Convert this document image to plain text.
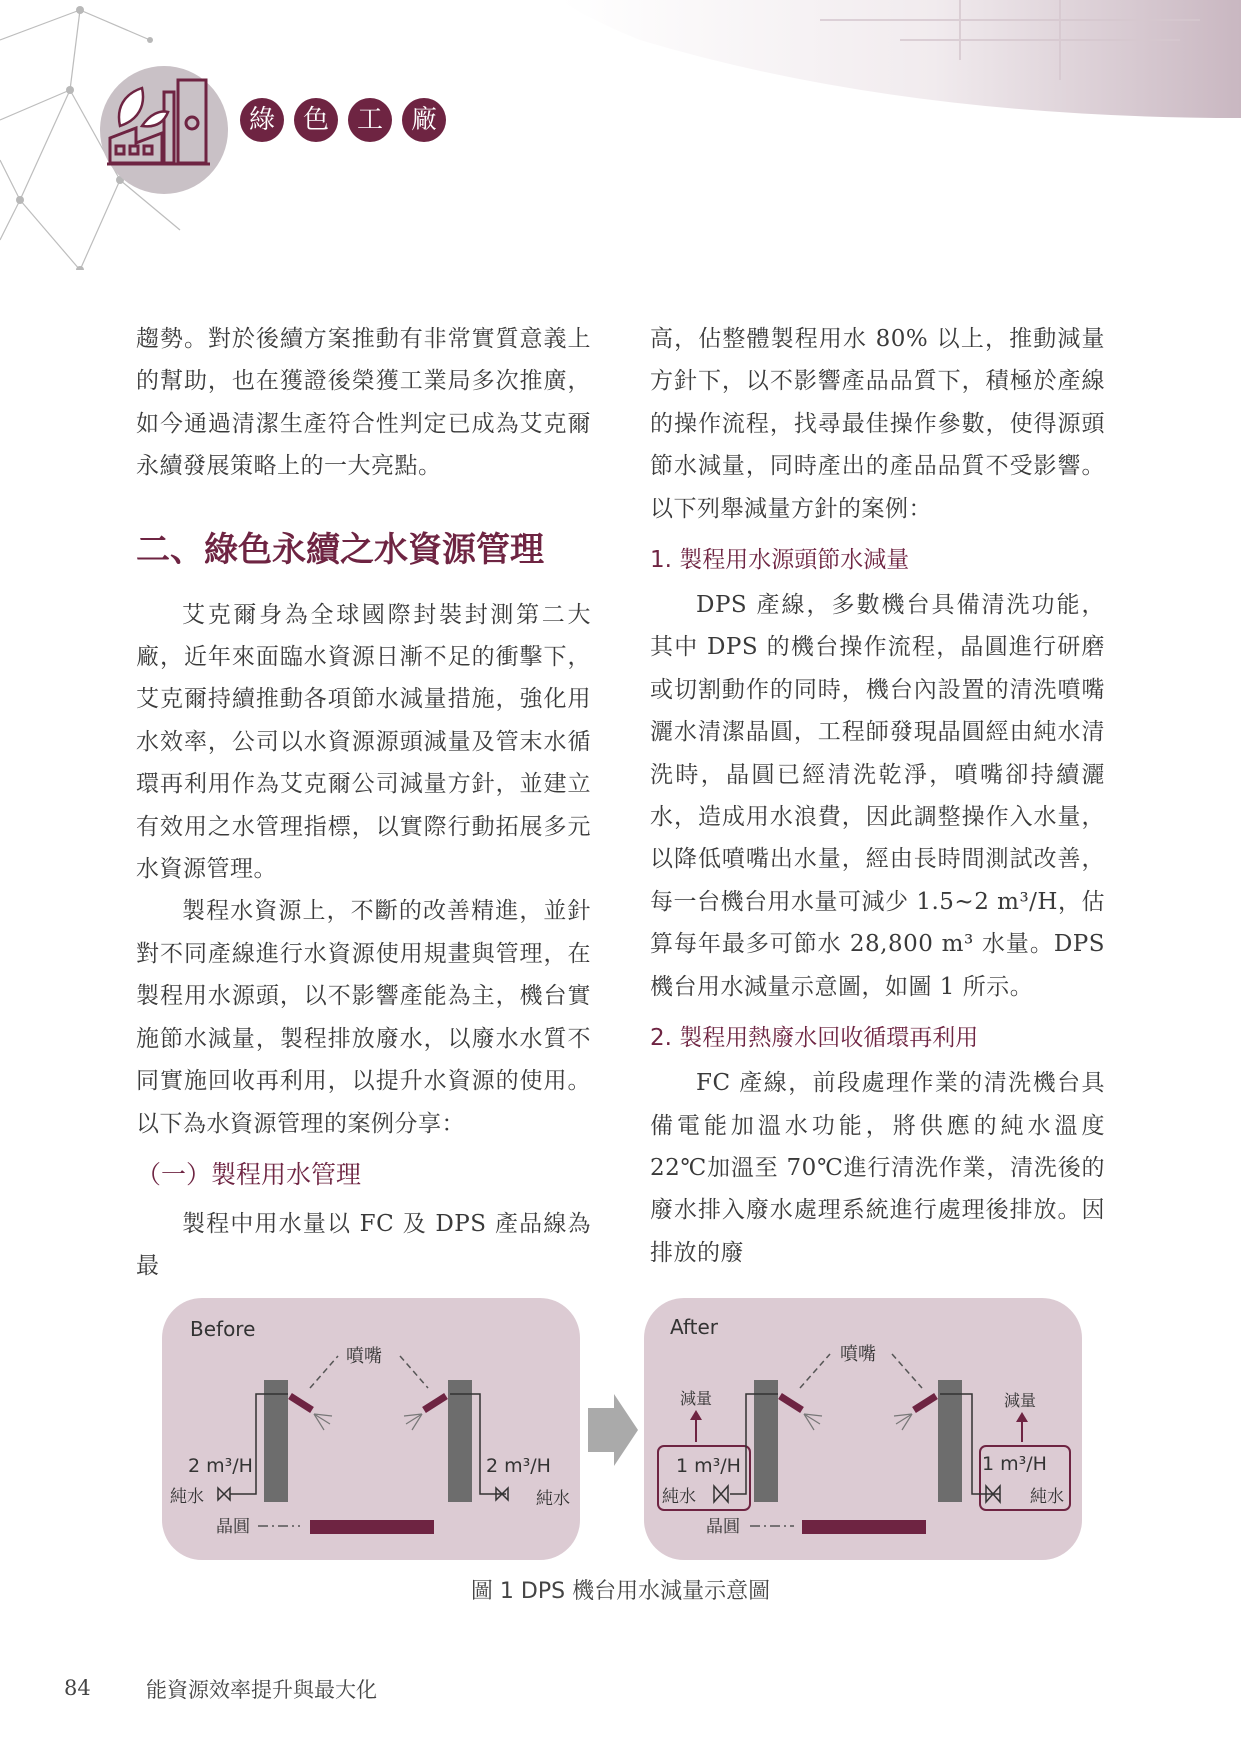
綠	色	工	廠

趨勢。對於後續方案推動有非常實質意義上的幫助，也在獲證後榮獲工業局多次推廣，如今通過清潔生產符合性判定已成為艾克爾永續發展策略上的一大亮點。

二、綠色永續之水資源管理

艾克爾身為全球國際封裝封測第二大廠，近年來面臨水資源日漸不足的衝擊下，艾克爾持續推動各項節水減量措施，強化用水效率，公司以水資源源頭減量及管末水循環再利用作為艾克爾公司減量方針，並建立有效用之水管理指標，以實際行動拓展多元水資源管理。

製程水資源上，不斷的改善精進，並針對不同產線進行水資源使用規畫與管理，在製程用水源頭，以不影響產能為主，機台實施節水減量，製程排放廢水，以廢水水質不同實施回收再利用，以提升水資源的使用。以下為水資源管理的案例分享：

（一）製程用水管理

製程中用水量以 FC 及 DPS 產品線為最

高，佔整體製程用水 80% 以上，推動減量方針下，以不影響產品品質下，積極於產線的操作流程，找尋最佳操作參數，使得源頭節水減量，同時產出的產品品質不受影響。以下列舉減量方針的案例：

1. 製程用水源頭節水減量

DPS 產線，多數機台具備清洗功能，其中 DPS 的機台操作流程，晶圓進行研磨或切割動作的同時，機台內設置的清洗噴嘴灑水清潔晶圓，工程師發現晶圓經由純水清洗時，晶圓已經清洗乾淨，噴嘴卻持續灑水，造成用水浪費，因此調整操作入水量，以降低噴嘴出水量，經由長時間測試改善，每一台機台用水量可減少 1.5~2 m³/H，估算每年最多可節水 28,800 m³ 水量。DPS 機台用水減量示意圖，如圖 1 所示。

2. 製程用熱廢水回收循環再利用

FC 產線，前段處理作業的清洗機台具備電能加溫水功能，將供應的純水溫度 22℃加溫至 70℃進行清洗作業，清洗後的廢水排入廢水處理系統進行處理後排放。因排放的廢

Before
噴嘴
2 m³/H	2 m³/H
純水	純水
晶圓
After
噴嘴
減量	減量
1 m³/H	1 m³/H
純水	純水
晶圓
圖 1 DPS 機台用水減量示意圖
84	能資源效率提升與最大化
